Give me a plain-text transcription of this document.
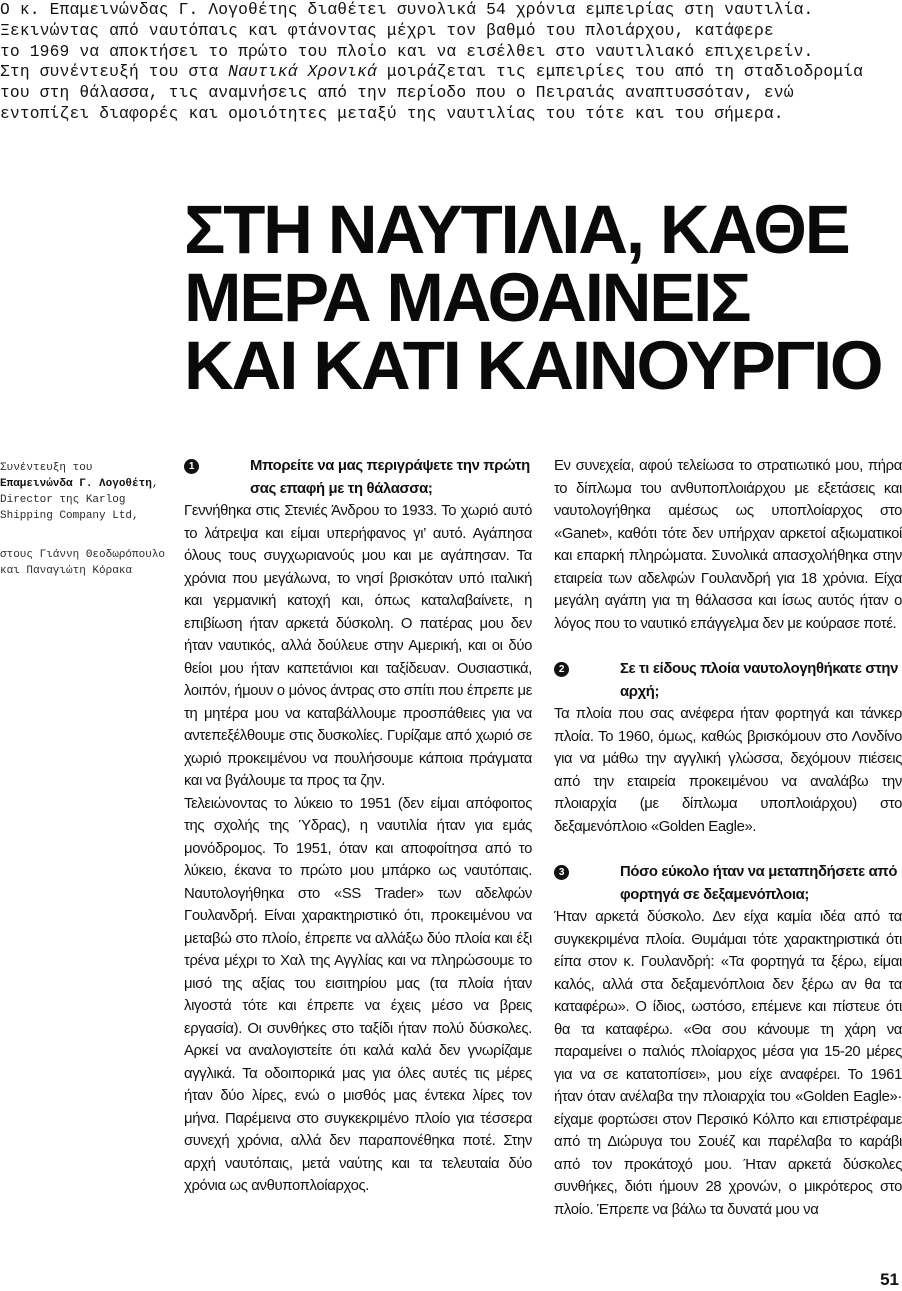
Ο κ. Επαμεινώνδας Γ. Λογοθέτης διαθέτει συνολικά 54 χρόνια εμπειρίας στη ναυτιλία.
Ξεκινώντας από ναυτόπαις και φτάνοντας μέχρι τον βαθμό του πλοιάρχου, κατάφερε
το 1969 να αποκτήσει το πρώτο του πλοίο και να εισέλθει στο ναυτιλιακό επιχειρείν.
Στη συνέντευξή του στα Ναυτικά Χρονικά μοιράζεται τις εμπειρίες του από τη σταδιοδρομία
του στη θάλασσα, τις αναμνήσεις από την περίοδο που ο Πειραιάς αναπτυσσόταν, ενώ
εντοπίζει διαφορές και ομοιότητες μεταξύ της ναυτιλίας του τότε και του σήμερα.
ΣΤΗ ΝΑΥΤΙΛΙΑ, ΚΑΘΕ
ΜΕΡΑ ΜΑΘΑΙΝΕΙΣ
ΚΑΙ ΚΑΤΙ ΚΑΙΝΟΥΡΓΙΟ
Συνέντευξη του
Επαμεινώνδα Γ. Λογοθέτη,
Director της Karlog
Shipping Company Ltd,
στους Γιάννη Θεοδωρόπουλο
και Παναγιώτη Κόρακα
1	Μπορείτε να μας περιγράψετε την πρώτη σας επαφή με τη θάλασσα;

Γεννήθηκα στις Στενιές Άνδρου το 1933. Το χωριό αυτό το λάτρεψα και είμαι υπερήφανος γι’ αυτό. Αγάπησα όλους τους συγχωριανούς μου και με αγάπησαν. Τα χρόνια που μεγάλωνα, το νησί βρισκόταν υπό ιταλική και γερμανική κατοχή και, όπως καταλαβαίνετε, η επιβίωση ήταν αρκετά δύσκολη. Ο πατέρας μου δεν ήταν ναυτικός, αλλά δούλευε στην Αμερική, και οι δύο θείοι μου ήταν καπετάνιοι και ταξίδευαν. Ουσιαστικά, λοιπόν, ήμουν ο μόνος άντρας στο σπίτι που έπρεπε με τη μητέρα μου να καταβάλλουμε προσπάθειες για να αντεπεξέλθουμε στις δυσκολίες. Γυρίζαμε από χωριό σε χωριό προκειμένου να πουλήσουμε κάποια πράγματα και να βγάλουμε τα προς τα ζην.

Τελειώνοντας το λύκειο το 1951 (δεν είμαι απόφοιτος της σχολής της Ύδρας), η ναυτιλία ήταν για εμάς μονόδρομος. Το 1951, όταν και αποφοίτησα από το λύκειο, έκανα το πρώτο μου μπάρκο ως ναυτόπαις. Ναυτολογήθηκα στο «SS Trader» των αδελφών Γουλανδρή. Είναι χαρακτηριστικό ότι, προκειμένου να μεταβώ στο πλοίο, έπρεπε να αλλάξω δύο πλοία και έξι τρένα μέχρι το Χαλ της Αγγλίας και να πληρώσουμε το μισό της αξίας του εισιτηρίου μας (τα πλοία ήταν λιγοστά τότε και έπρεπε να έχεις μέσο να βρεις εργασία). Οι συνθήκες στο ταξίδι ήταν πολύ δύσκολες. Αρκεί να αναλογιστείτε ότι καλά καλά δεν γνωρίζαμε αγγλικά. Τα οδοιπορικά μας για όλες αυτές τις μέρες ήταν δύο λίρες, ενώ ο μισθός μας έντεκα λίρες τον μήνα. Παρέμεινα στο συγκεκριμένο πλοίο για τέσσερα συνεχή χρόνια, αλλά δεν παραπονέθηκα ποτέ. Στην αρχή ναυτόπαις, μετά ναύτης και τα τελευταία δύο χρόνια ως ανθυποπλοίαρχος.

Εν συνεχεία, αφού τελείωσα το στρατιωτικό μου, πήρα το δίπλωμα του ανθυποπλοιάρχου με εξετάσεις και ναυτολογήθηκα αμέσως ως υποπλοίαρχος στο «Ganet», καθότι τότε δεν υπήρχαν αρκετοί αξιωματικοί και επαρκή πληρώματα. Συνολικά απασχολήθηκα στην εταιρεία των αδελφών Γουλανδρή για 18 χρόνια. Είχα μεγάλη αγάπη για τη θάλασσα και ίσως αυτός ήταν ο λόγος που το ναυτικό επάγγελμα δεν με κούρασε ποτέ.

2	Σε τι είδους πλοία ναυτολογηθήκατε στην αρχή;

Τα πλοία που σας ανέφερα ήταν φορτηγά και τάνκερ πλοία. Το 1960, όμως, καθώς βρισκόμουν στο Λονδίνο για να μάθω την αγγλική γλώσσα, δεχόμουν πιέσεις από την εταιρεία προκειμένου να αναλάβω την πλοιαρχία (με δίπλωμα υποπλοιάρχου) στο δεξαμενόπλοιο «Golden Eagle».

3	Πόσο εύκολο ήταν να μεταπηδήσετε από φορτηγά σε δεξαμενόπλοια;

Ήταν αρκετά δύσκολο. Δεν είχα καμία ιδέα από τα συγκεκριμένα πλοία. Θυμάμαι τότε χαρακτηριστικά ότι είπα στον κ. Γουλανδρή: «Τα φορτηγά τα ξέρω, είμαι καλός, αλλά στα δεξαμενόπλοια δεν ξέρω αν θα τα καταφέρω». Ο ίδιος, ωστόσο, επέμενε και πίστευε ότι θα τα καταφέρω. «Θα σου κάνουμε τη χάρη να παραμείνει ο παλιός πλοίαρχος μέσα για 15-20 μέρες για να σε κατατοπίσει», μου είχε αναφέρει. Το 1961 ήταν όταν ανέλαβα την πλοιαρχία του «Golden Eagle»· είχαμε φορτώσει στον Περσικό Κόλπο και επιστρέφαμε από τη Διώρυγα του Σουέζ και παρέλαβα το καράβι από τον προκάτοχό μου. Ήταν αρκετά δύσκολες συνθήκες, διότι ήμουν 28 χρονών, ο μικρότερος στο πλοίο. Έπρεπε να βάλω τα δυνατά μου να

51
